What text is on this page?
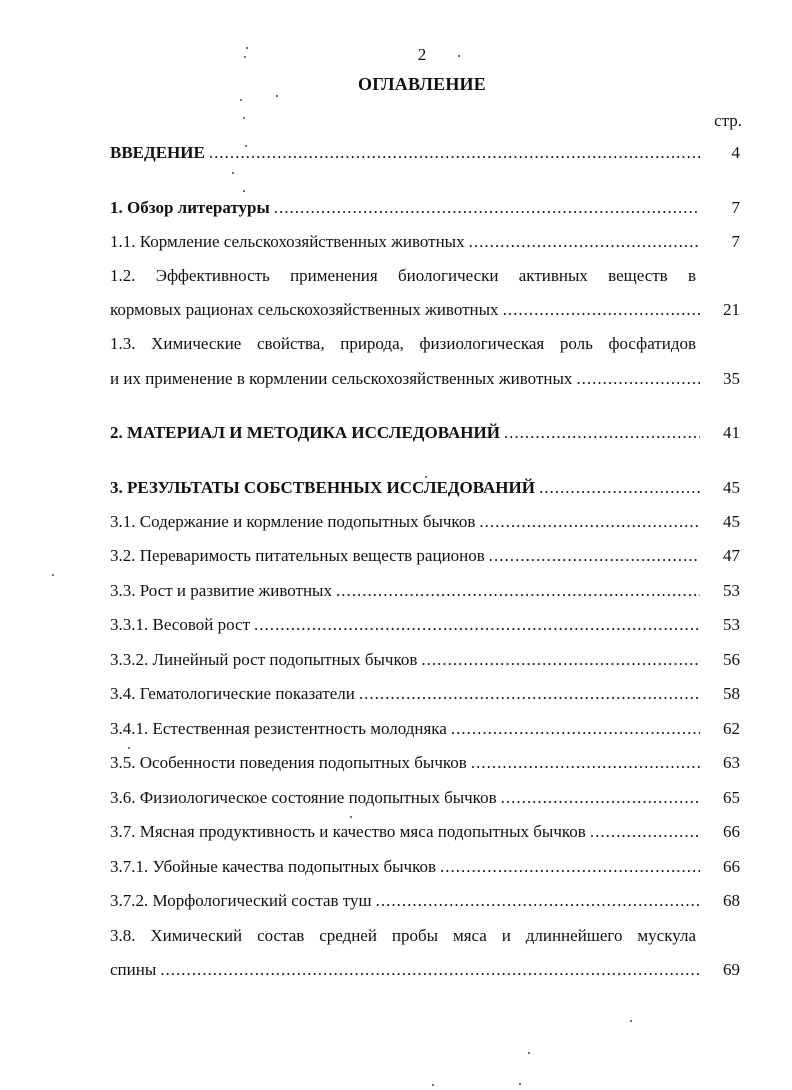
2
ОГЛАВЛЕНИЕ
стр.
ВВЕДЕНИЕ .....	4
1. Обзор литературы .....	7
1.1. Кормление сельскохозяйственных животных .....	7
1.2. Эффективность применения биологически активных веществ в
кормовых рационах сельскохозяйственных животных .....	21
1.3. Химические свойства, природа, физиологическая роль фосфатидов
и их применение в кормлении сельскохозяйственных животных .....	35
2. МАТЕРИАЛ И МЕТОДИКА ИССЛЕДОВАНИЙ .....	41
3. РЕЗУЛЬТАТЫ СОБСТВЕННЫХ ИССЛЕДОВАНИЙ .....	45
3.1. Содержание и кормление подопытных бычков .....	45
3.2. Переваримость питательных веществ рационов .....	47
3.3. Рост и развитие животных .....	53
3.3.1. Весовой рост .....	53
3.3.2. Линейный рост подопытных бычков .....	56
3.4. Гематологические показатели .....	58
3.4.1. Естественная резистентность молодняка .....	62
3.5. Особенности поведения подопытных бычков .....	63
3.6. Физиологическое состояние подопытных бычков .....	65
3.7. Мясная продуктивность и качество мяса подопытных бычков .....	66
3.7.1. Убойные качества подопытных бычков .....	66
3.7.2. Морфологический состав туш .....	68
3.8. Химический состав средней пробы мяса и длиннейшего мускула
спины .....	69
